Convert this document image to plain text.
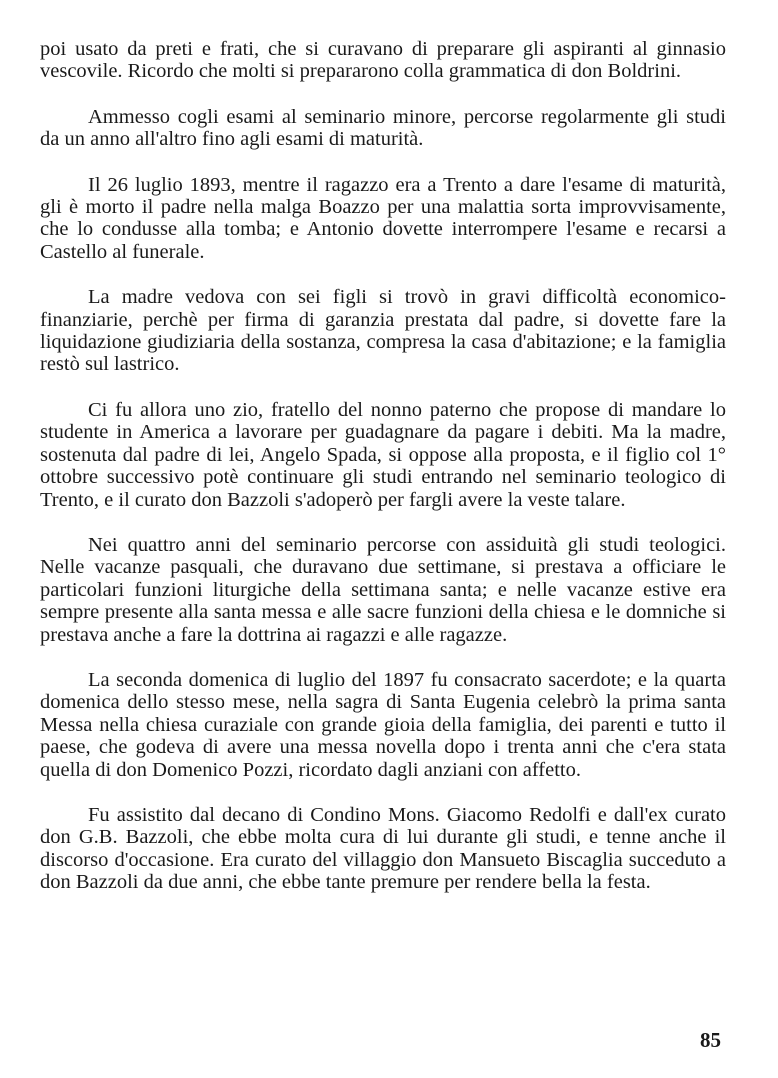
poi usato da preti e frati, che si curavano di preparare gli aspiranti al ginnasio vescovile. Ricordo che molti si prepararono colla grammatica di don Boldrini.

Ammesso cogli esami al seminario minore, percorse regolarmente gli studi da un anno all'altro fino agli esami di maturità.

Il 26 luglio 1893, mentre il ragazzo era a Trento a dare l'esame di maturità, gli è morto il padre nella malga Boazzo per una malattia sorta improvvisamente, che lo condusse alla tomba; e Antonio dovette interrompere l'esame e recarsi a Castello al funerale.

La madre vedova con sei figli si trovò in gravi difficoltà economico-finanziarie, perchè per firma di garanzia prestata dal padre, si dovette fare la liquidazione giudiziaria della sostanza, compresa la casa d'abitazione; e la famiglia restò sul lastrico.

Ci fu allora uno zio, fratello del nonno paterno che propose di mandare lo studente in America a lavorare per guadagnare da pagare i debiti. Ma la madre, sostenuta dal padre di lei, Angelo Spada, si oppose alla proposta, e il figlio col 1° ottobre successivo potè continuare gli studi entrando nel seminario teologico di Trento, e il curato don Bazzoli s'adoperò per fargli avere la veste talare.

Nei quattro anni del seminario percorse con assiduità gli studi teologici. Nelle vacanze pasquali, che duravano due settimane, si prestava a officiare le particolari funzioni liturgiche della settimana santa; e nelle vacanze estive era sempre presente alla santa messa e alle sacre funzioni della chiesa e le domniche si prestava anche a fare la dottrina ai ragazzi e alle ragazze.

La seconda domenica di luglio del 1897 fu consacrato sacerdote; e la quarta domenica dello stesso mese, nella sagra di Santa Eugenia celebrò la prima santa Messa nella chiesa curaziale con grande gioia della famiglia, dei parenti e tutto il paese, che godeva di avere una messa novella dopo i trenta anni che c'era stata quella di don Domenico Pozzi, ricordato dagli anziani con affetto.

Fu assistito dal decano di Condino Mons. Giacomo Redolfi e dall'ex curato don G.B. Bazzoli, che ebbe molta cura di lui durante gli studi, e tenne anche il discorso d'occasione. Era curato del villaggio don Mansueto Biscaglia succeduto a don Bazzoli da due anni, che ebbe tante premure per rendere bella la festa.

85
